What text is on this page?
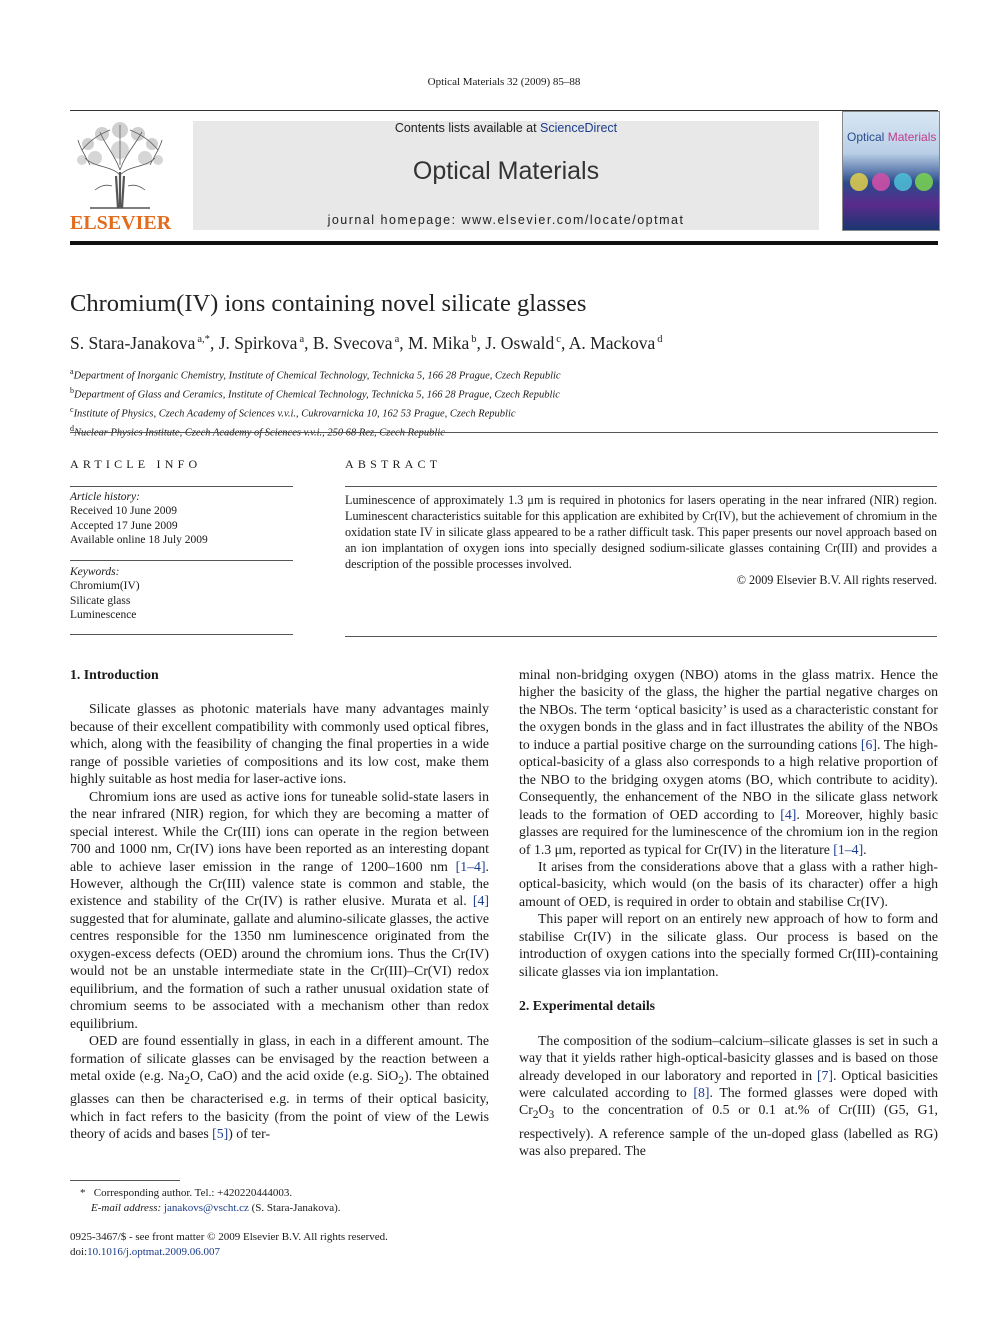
Optical Materials 32 (2009) 85–88
ELSEVIER
Contents lists available at ScienceDirect
Optical Materials
journal homepage: www.elsevier.com/locate/optmat
Optical Materials
Chromium(IV) ions containing novel silicate glasses
S. Stara-Janakova $^{a,*}$, J. Spirkova $^a$, B. Svecova $^a$, M. Mika $^b$, J. Oswald $^c$, A. Mackova $^d$
$^a$Department of Inorganic Chemistry, Institute of Chemical Technology, Technicka 5, 166 28 Prague, Czech Republic
$^b$Department of Glass and Ceramics, Institute of Chemical Technology, Technicka 5, 166 28 Prague, Czech Republic
$^c$Institute of Physics, Czech Academy of Sciences v.v.i., Cukrovarnicka 10, 162 53 Prague, Czech Republic
$^d$Nuclear Physics Institute, Czech Academy of Sciences v.v.i., 250 68 Rez, Czech Republic
ARTICLE INFO
Article history:
Received 10 June 2009
Accepted 17 June 2009
Available online 18 July 2009
Keywords:
Chromium(IV)
Silicate glass
Luminescence
ABSTRACT

Luminescence of approximately 1.3 μm is required in photonics for lasers operating in the near infrared (NIR) region. Luminescent characteristics suitable for this application are exhibited by Cr(IV), but the achievement of chromium in the oxidation state IV in silicate glass appeared to be a rather difficult task. This paper presents our novel approach based on an ion implantation of oxygen ions into specially designed sodium-silicate glasses containing Cr(III) and provides a description of the possible processes involved.

© 2009 Elsevier B.V. All rights reserved.
1. Introduction

Silicate glasses as photonic materials have many advantages mainly because of their excellent compatibility with commonly used optical fibres, which, along with the feasibility of changing the final properties in a wide range of possible varieties of compositions and its low cost, make them highly suitable as host media for laser-active ions.

Chromium ions are used as active ions for tuneable solid-state lasers in the near infrared (NIR) region, for which they are becoming a matter of special interest. While the Cr(III) ions can operate in the region between 700 and 1000 nm, Cr(IV) ions have been reported as an interesting dopant able to achieve laser emission in the range of 1200–1600 nm [1–4]. However, although the Cr(III) valence state is common and stable, the existence and stability of the Cr(IV) is rather elusive. Murata et al. [4] suggested that for aluminate, gallate and alumino-silicate glasses, the active centres responsible for the 1350 nm luminescence originated from the oxygen-excess defects (OED) around the chromium ions. Thus the Cr(IV) would not be an unstable intermediate state in the Cr(III)–Cr(VI) redox equilibrium, and the formation of such a rather unusual oxidation state of chromium seems to be associated with a mechanism other than redox equilibrium.

OED are found essentially in glass, in each in a different amount. The formation of silicate glasses can be envisaged by the reaction between a metal oxide (e.g. $Na_2O$, CaO) and the acid oxide (e.g. SiO$_2$). The obtained glasses can then be characterised e.g. in terms of their optical basicity, which in fact refers to the basicity (from the point of view of the Lewis theory of acids and bases [5]) of ter-

minal non-bridging oxygen (NBO) atoms in the glass matrix. Hence the higher the basicity of the glass, the higher the partial negative charges on the NBOs. The term ‘optical basicity’ is used as a characteristic constant for the oxygen bonds in the glass and in fact illustrates the ability of the NBOs to induce a partial positive charge on the surrounding cations [6]. The high-optical-basicity of a glass also corresponds to a high relative proportion of the NBO to the bridging oxygen atoms (BO, which contribute to acidity). Consequently, the enhancement of the NBO in the silicate glass network leads to the formation of OED according to [4]. Moreover, highly basic glasses are required for the luminescence of the chromium ion in the region of 1.3 μm, reported as typical for Cr(IV) in the literature [1–4].

It arises from the considerations above that a glass with a rather high-optical-basicity, which would (on the basis of its character) offer a high amount of OED, is required in order to obtain and stabilise Cr(IV).

This paper will report on an entirely new approach of how to form and stabilise Cr(IV) in the silicate glass. Our process is based on the introduction of oxygen cations into the specially formed Cr(III)-containing silicate glasses via ion implantation.

2. Experimental details

The composition of the sodium–calcium–silicate glasses is set in such a way that it yields rather high-optical-basicity glasses and is based on those already developed in our laboratory and reported in [7]. Optical basicities were calculated according to [8]. The formed glasses were doped with $Cr_2O_3$ to the concentration of 0.5 or 0.1 at.% of Cr(III) (G5, G1, respectively). A reference sample of the un-doped glass (labelled as RG) was also prepared. The

* Corresponding author. Tel.: +420220444003.
E-mail address: janakovs@vscht.cz (S. Stara-Janakova).
0925-3467/$ - see front matter © 2009 Elsevier B.V. All rights reserved.
doi:10.1016/j.optmat.2009.06.007
